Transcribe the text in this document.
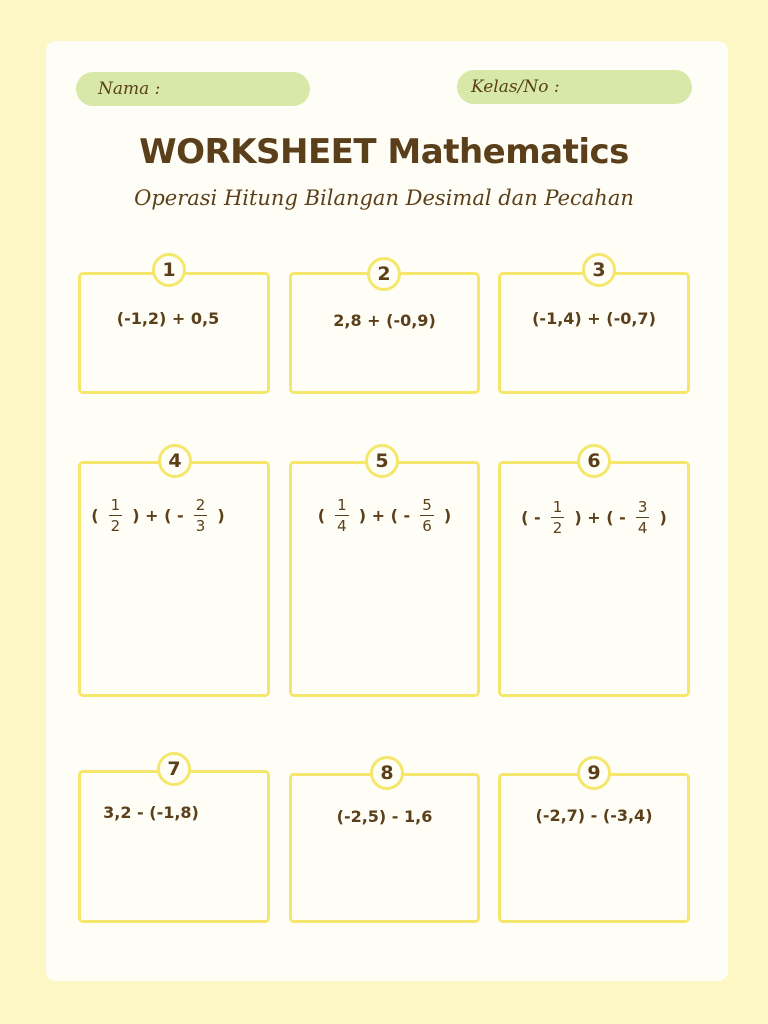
Nama :	Kelas/No :
WORKSHEET Mathematics
Operasi Hitung Bilangan Desimal dan Pecahan
(-1,2) + 0,5
1
2,8 + (-0,9)
2
(-1,4) + (-0,7)
3
( $\frac{1}{2}$ ) + ( - $\frac{2}{3}$ )
4
( $\frac{1}{4}$ ) + ( - $\frac{5}{6}$ )
5
( - $\frac{1}{2}$ ) + ( - $\frac{3}{4}$ )
6
3,2 - (-1,8)
7
(-2,5) - 1,6
8
(-2,7) - (-3,4)
9
